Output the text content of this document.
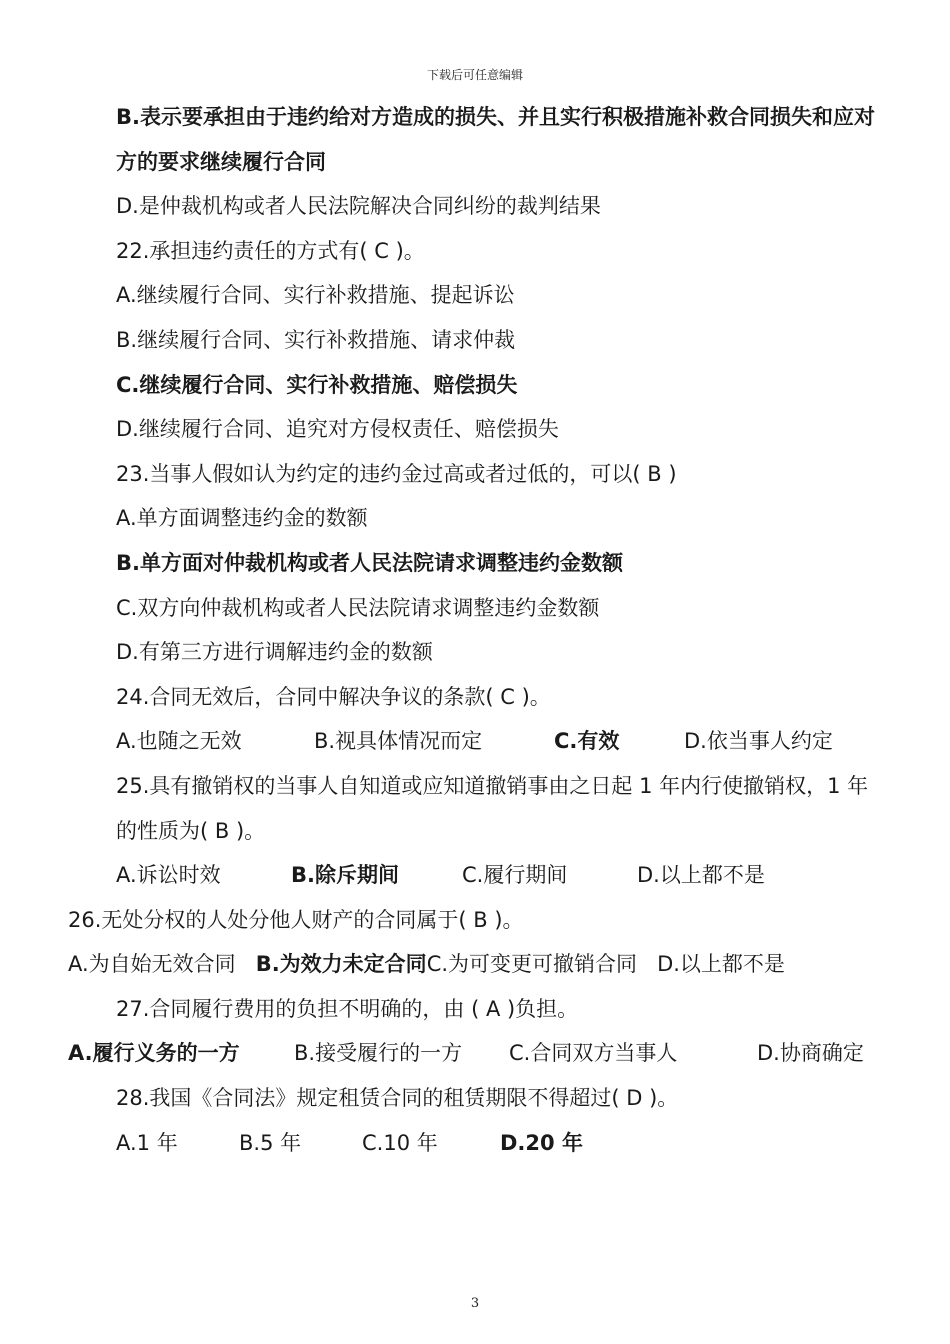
下载后可任意编辑
B.表示要承担由于违约给对方造成的损失、并且实行积极措施补救合同损失和应对方的要求继续履行合同
D.是仲裁机构或者人民法院解决合同纠纷的裁判结果
22.承担违约责任的方式有( C )。
A.继续履行合同、实行补救措施、提起诉讼
B.继续履行合同、实行补救措施、请求仲裁
C.继续履行合同、实行补救措施、赔偿损失
D.继续履行合同、追究对方侵权责任、赔偿损失
23.当事人假如认为约定的违约金过高或者过低的，可以( B )
A.单方面调整违约金的数额
B.单方面对仲裁机构或者人民法院请求调整违约金数额
C.双方向仲裁机构或者人民法院请求调整违约金数额
D.有第三方进行调解违约金的数额
24.合同无效后，合同中解决争议的条款( C )。
A.也随之无效	B.视具体情况而定	C.有效	D.依当事人约定
25.具有撤销权的当事人自知道或应知道撤销事由之日起 1 年内行使撤销权，1 年的性质为( B )。
A.诉讼时效	B.除斥期间	C.履行期间	D.以上都不是
26.无处分权的人处分他人财产的合同属于( B )。
A.为自始无效合同 B.为效力未定合同C.为可变更可撤销合同 D.以上都不是
27.合同履行费用的负担不明确的，由 ( A )负担。
A.履行义务的一方	B.接受履行的一方 C.合同双方当事人	D.协商确定
28.我国《合同法》规定租赁合同的租赁期限不得超过( D )。
A.1 年	B.5 年	C.10 年	D.20 年
3
